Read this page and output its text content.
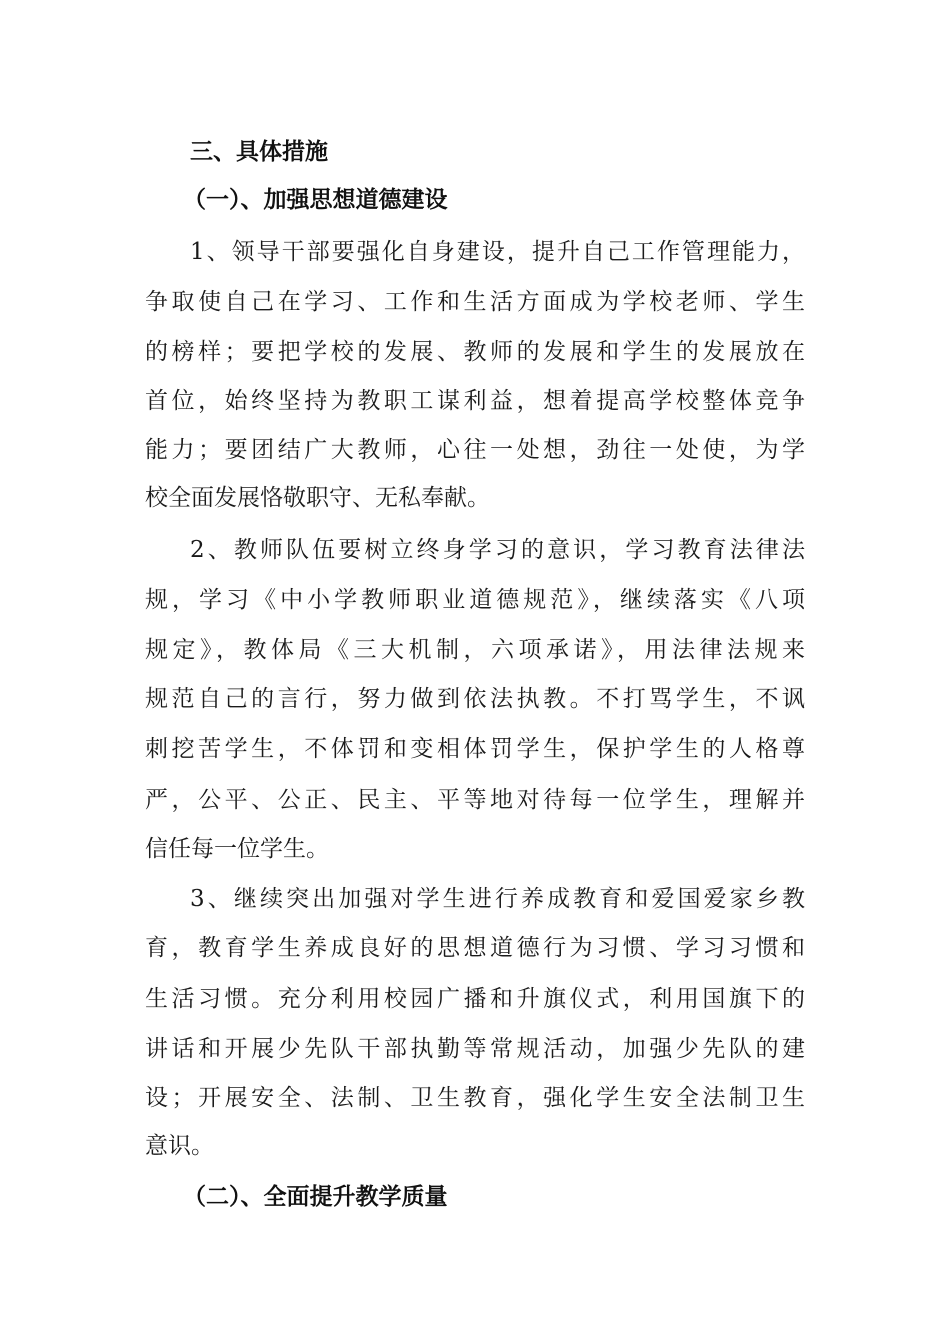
三、具体措施
（一）、加强思想道德建设
1、领导干部要强化自身建设，提升自己工作管理能力，
争取使自己在学习、工作和生活方面成为学校老师、学生
的榜样；要把学校的发展、教师的发展和学生的发展放在
首位，始终坚持为教职工谋利益，想着提高学校整体竞争
能力；要团结广大教师，心往一处想，劲往一处使，为学
校全面发展恪敬职守、无私奉献。
2、教师队伍要树立终身学习的意识，学习教育法律法
规，学习《中小学教师职业道德规范》，继续落实《八项
规定》，教体局《三大机制，六项承诺》，用法律法规来
规范自己的言行，努力做到依法执教。不打骂学生，不讽
刺挖苦学生，不体罚和变相体罚学生，保护学生的人格尊
严，公平、公正、民主、平等地对待每一位学生，理解并
信任每一位学生。
3、继续突出加强对学生进行养成教育和爱国爱家乡教
育，教育学生养成良好的思想道德行为习惯、学习习惯和
生活习惯。充分利用校园广播和升旗仪式，利用国旗下的
讲话和开展少先队干部执勤等常规活动，加强少先队的建
设；开展安全、法制、卫生教育，强化学生安全法制卫生
意识。
（二）、全面提升教学质量
